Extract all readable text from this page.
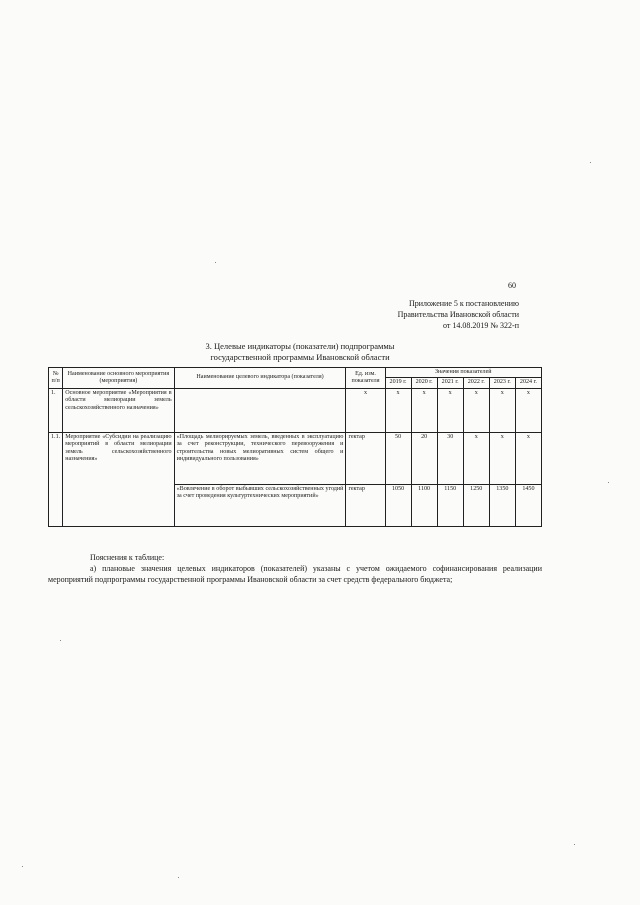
60
Приложение 5 к постановлению
Правительства Ивановской области
от 14.08.2019 № 322-п
3. Целевые индикаторы (показатели) подпрограммы
государственной программы Ивановской области
№ п/п	Наименование основного мероприятия (мероприятия)	Наименование целевого индикатора (показателя)	Ед. изм. показателя	Значения показателей					
				2019 г.	2020 г.	2021 г.	2022 г.	2023 г.	2024 г.
1.	Основное мероприятие «Мероприятия в области мелиорации земель сельскохозяйственного назначения»		х	х	х	х	х	х	х
1.1.	Мероприятие «Субсидии на реализацию мероприятий в области мелиорации земель сельскохозяйственного назначения»	«Площадь мелиорируемых земель, введенных в эксплуатацию за счет реконструкции, технического перевооружения и строительства новых мелиоративных систем общего и индивидуального пользования»	гектар	50	20	30	х	х	х
		«Вовлечение в оборот выбывших сельскохозяйственных угодий за счет проведения культуртехнических мероприятий»	гектар	1050	1100	1150	1250	1350	1450
Пояснения к таблице:
а) плановые значения целевых индикаторов (показателей) указаны с учетом ожидаемого софинансирования реализации мероприятий подпрограммы государственной программы Ивановской области за счет средств федерального бюджета;
